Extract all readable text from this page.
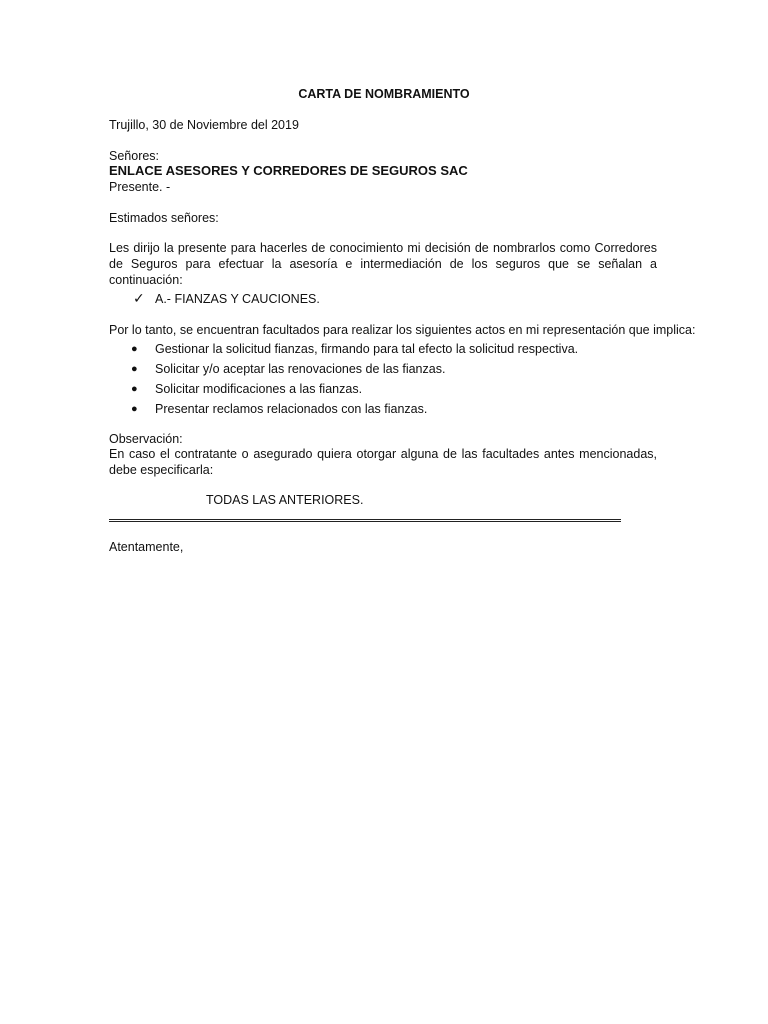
CARTA DE NOMBRAMIENTO
Trujillo, 30 de Noviembre del 2019
Señores:
ENLACE ASESORES Y CORREDORES DE SEGUROS SAC
Presente. -
Estimados señores:
Les dirijo la presente para hacerles de conocimiento mi decisión de nombrarlos como Corredores de Seguros para efectuar la asesoría e intermediación de los seguros que se señalan a continuación:
✓ A.- FIANZAS Y CAUCIONES.
Por lo tanto, se encuentran facultados para realizar los siguientes actos en mi representación que implica:
● Gestionar la solicitud fianzas, firmando para tal efecto la solicitud respectiva.
● Solicitar y/o aceptar las renovaciones de las fianzas.
● Solicitar modificaciones a las fianzas.
● Presentar reclamos relacionados con las fianzas.
Observación:
En caso el contratante o asegurado quiera otorgar alguna de las facultades antes mencionadas, debe especificarla:
TODAS LAS ANTERIORES.
Atentamente,
